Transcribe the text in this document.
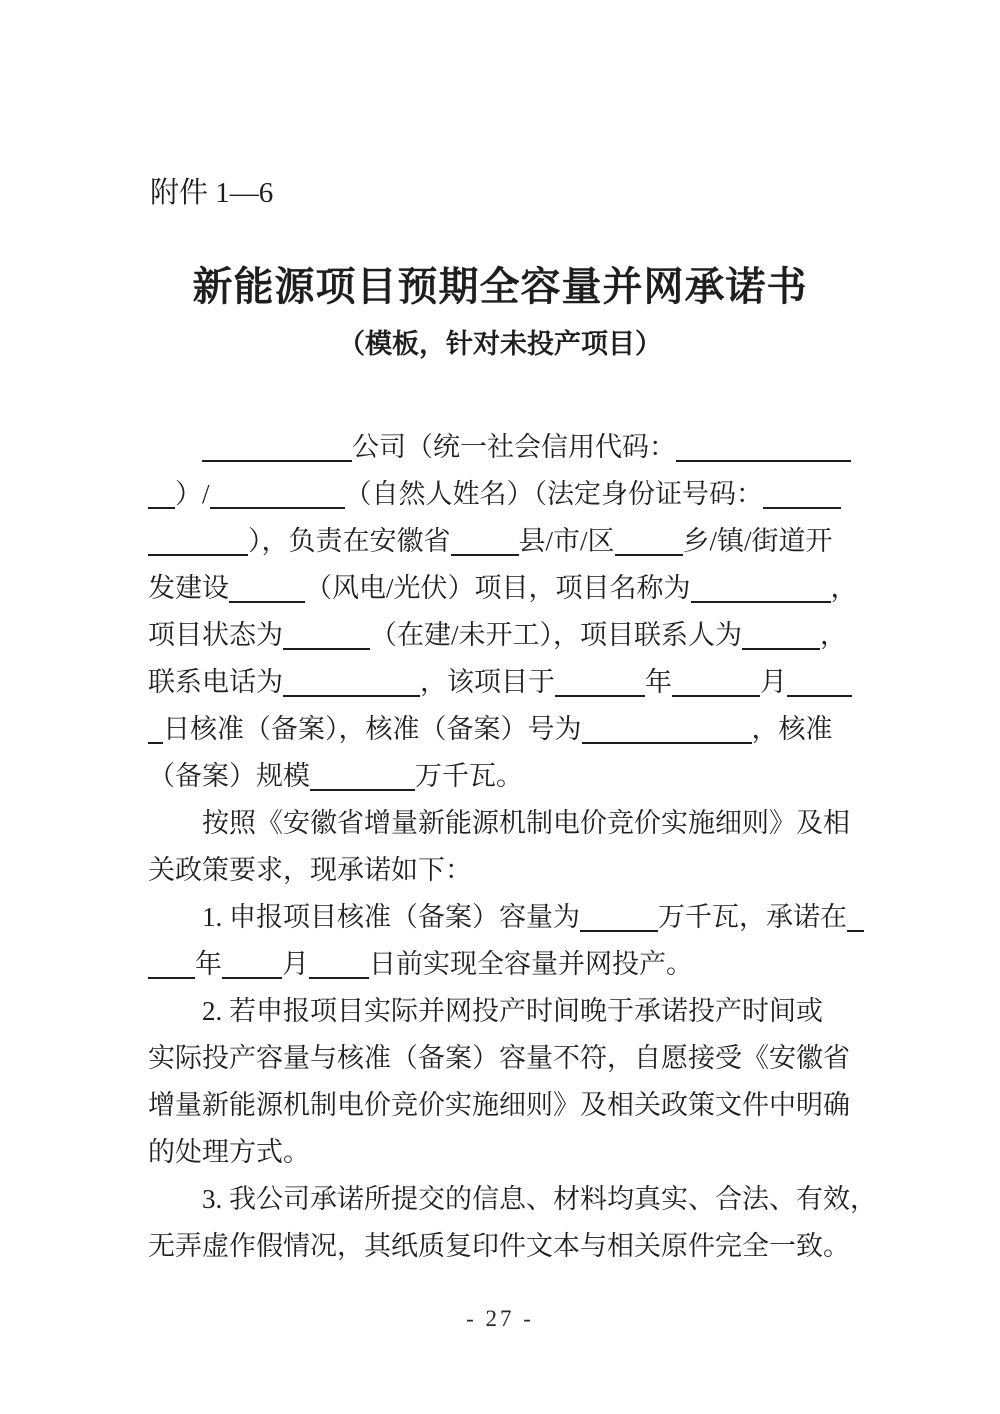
附件 1—6
新能源项目预期全容量并网承诺书
（模板，针对未投产项目）
公司（统一社会信用代码：
）/	（自然人姓名）（法定身份证号码：
），负责在安徽省	县/市/区	乡/镇/街道开
发建设	（风电/光伏）项目，项目名称为	，
项目状态为	（在建/未开工），项目联系人为	，
联系电话为	，该项目于	年	月
日核准（备案），核准（备案）号为	，核准
（备案）规模	万千瓦。
按照《安徽省增量新能源机制电价竞价实施细则》及相
关政策要求，现承诺如下：
1. 申报项目核准（备案）容量为	万千瓦，承诺在
年 月 日前实现全容量并网投产。
2. 若申报项目实际并网投产时间晚于承诺投产时间或
实际投产容量与核准（备案）容量不符，自愿接受《安徽省
增量新能源机制电价竞价实施细则》及相关政策文件中明确
的处理方式。
3. 我公司承诺所提交的信息、材料均真实、合法、有效，
无弄虚作假情况，其纸质复印件文本与相关原件完全一致。
- 27 -
